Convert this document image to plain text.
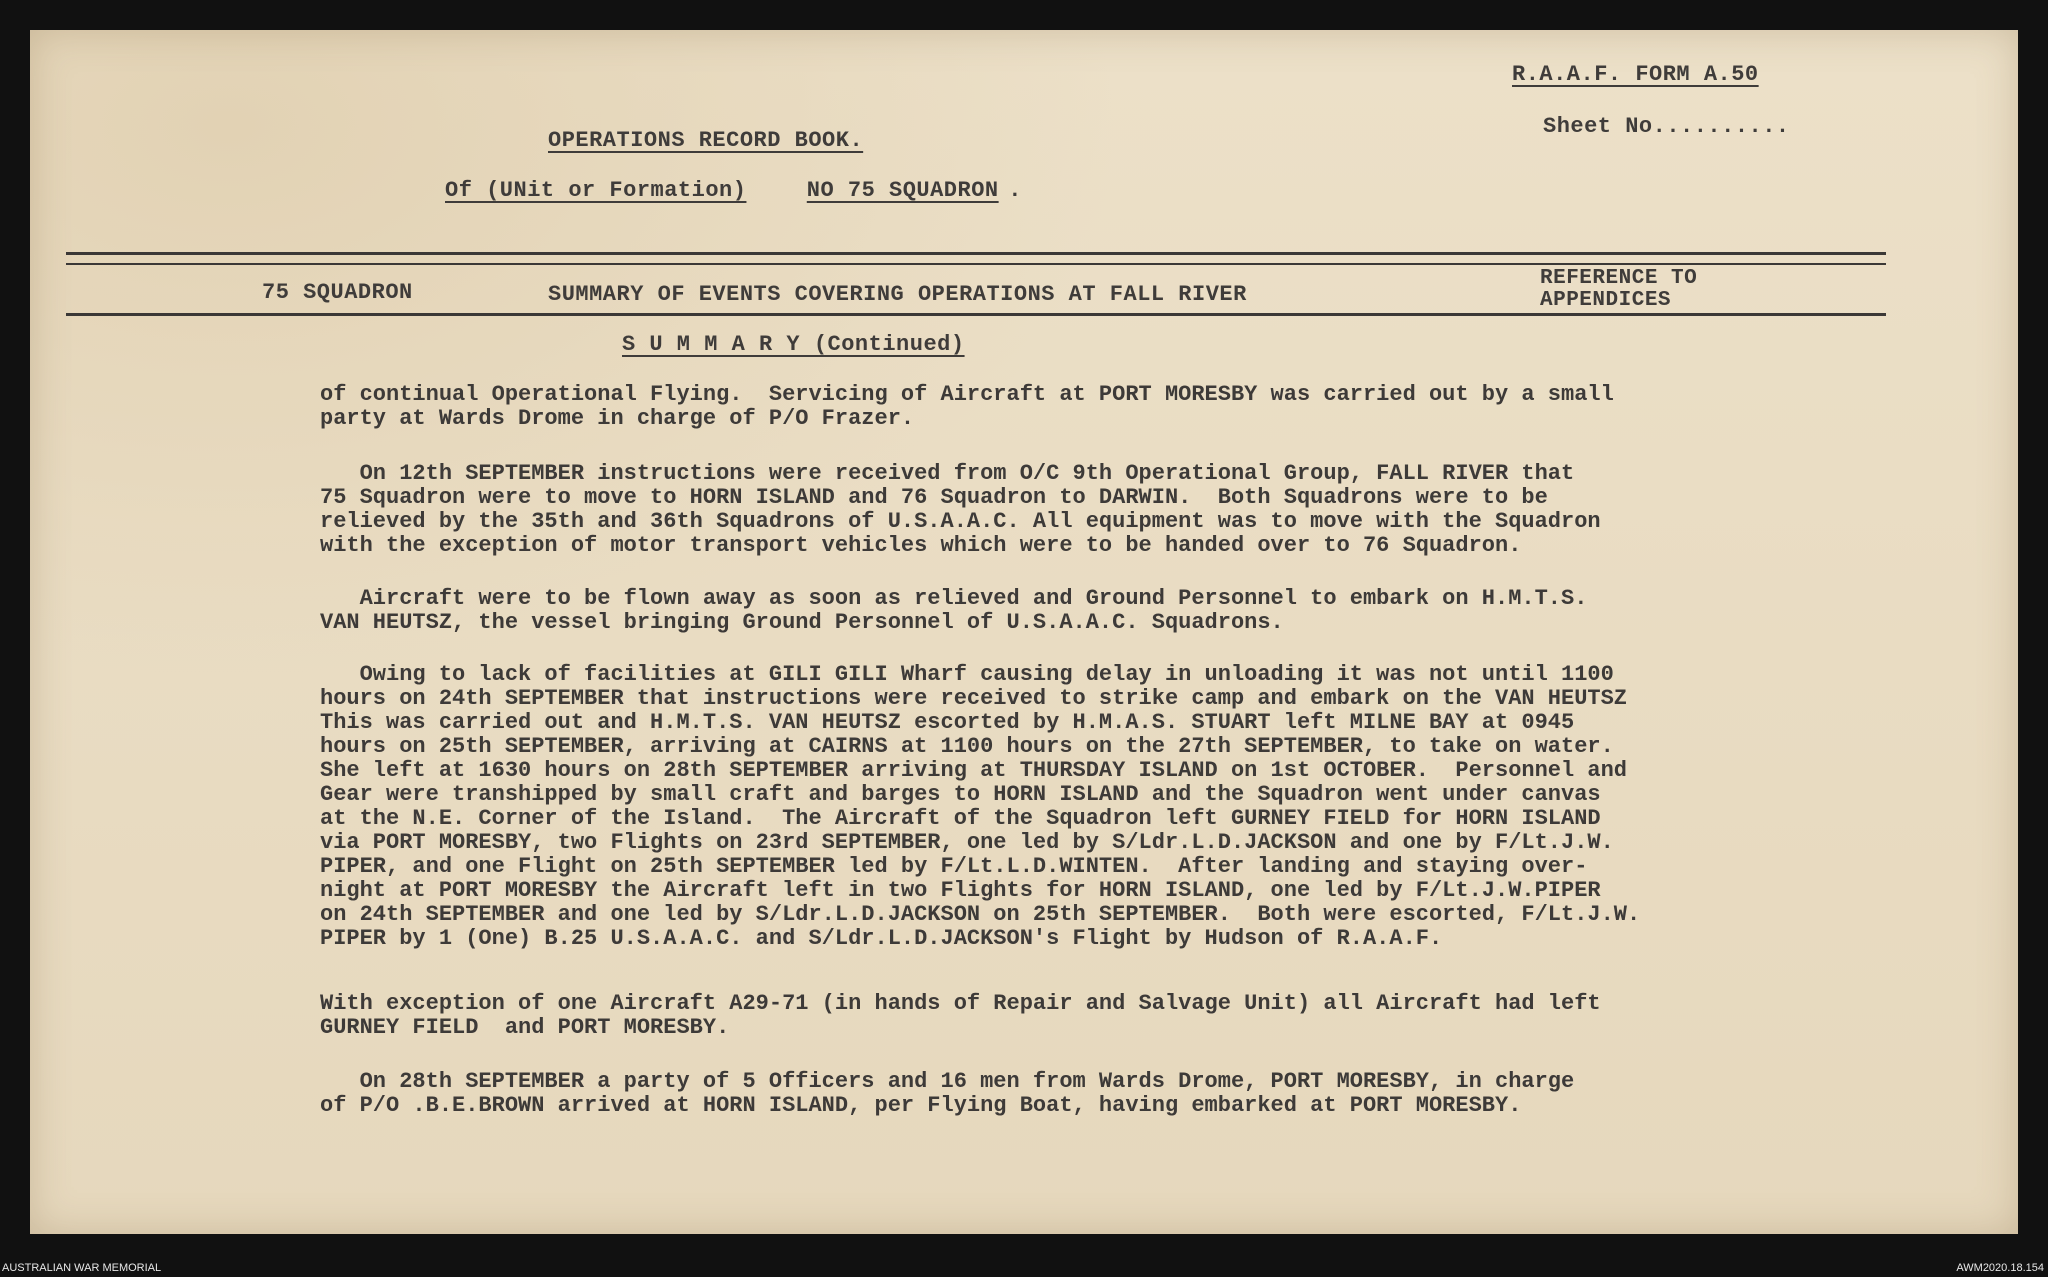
R.A.A.F. FORM A.50
Sheet No..........
OPERATIONS RECORD BOOK.
Of (UNit or Formation)	NO 75 SQUADRON .
75 SQUADRON	SUMMARY OF EVENTS COVERING OPERATIONS AT FALL RIVER
REFERENCE TO
APPENDICES
S U M M A R Y (Continued)
of continual Operational Flying.  Servicing of Aircraft at PORT MORESBY was carried out by a small
party at Wards Drome in charge of P/O Frazer.
On 12th SEPTEMBER instructions were received from O/C 9th Operational Group, FALL RIVER that
75 Squadron were to move to HORN ISLAND and 76 Squadron to DARWIN.  Both Squadrons were to be
relieved by the 35th and 36th Squadrons of U.S.A.A.C. All equipment was to move with the Squadron
with the exception of motor transport vehicles which were to be handed over to 76 Squadron.
Aircraft were to be flown away as soon as relieved and Ground Personnel to embark on H.M.T.S.
VAN HEUTSZ, the vessel bringing Ground Personnel of U.S.A.A.C. Squadrons.
Owing to lack of facilities at GILI GILI Wharf causing delay in unloading it was not until 1100
hours on 24th SEPTEMBER that instructions were received to strike camp and embark on the VAN HEUTSZ
This was carried out and H.M.T.S. VAN HEUTSZ escorted by H.M.A.S. STUART left MILNE BAY at 0945
hours on 25th SEPTEMBER, arriving at CAIRNS at 1100 hours on the 27th SEPTEMBER, to take on water.
She left at 1630 hours on 28th SEPTEMBER arriving at THURSDAY ISLAND on 1st OCTOBER.  Personnel and
Gear were transhipped by small craft and barges to HORN ISLAND and the Squadron went under canvas
at the N.E. Corner of the Island.  The Aircraft of the Squadron left GURNEY FIELD for HORN ISLAND
via PORT MORESBY, two Flights on 23rd SEPTEMBER, one led by S/Ldr.L.D.JACKSON and one by F/Lt.J.W.
PIPER, and one Flight on 25th SEPTEMBER led by F/Lt.L.D.WINTEN.  After landing and staying over-
night at PORT MORESBY the Aircraft left in two Flights for HORN ISLAND, one led by F/Lt.J.W.PIPER
on 24th SEPTEMBER and one led by S/Ldr.L.D.JACKSON on 25th SEPTEMBER.  Both were escorted, F/Lt.J.W.
PIPER by 1 (One) B.25 U.S.A.A.C. and S/Ldr.L.D.JACKSON's Flight by Hudson of R.A.A.F.
With exception of one Aircraft A29-71 (in hands of Repair and Salvage Unit) all Aircraft had left
GURNEY FIELD  and PORT MORESBY.
On 28th SEPTEMBER a party of 5 Officers and 16 men from Wards Drome, PORT MORESBY, in charge
of P/O .B.E.BROWN arrived at HORN ISLAND, per Flying Boat, having embarked at PORT MORESBY.
AUSTRALIAN WAR MEMORIAL	AWM2020.18.154
